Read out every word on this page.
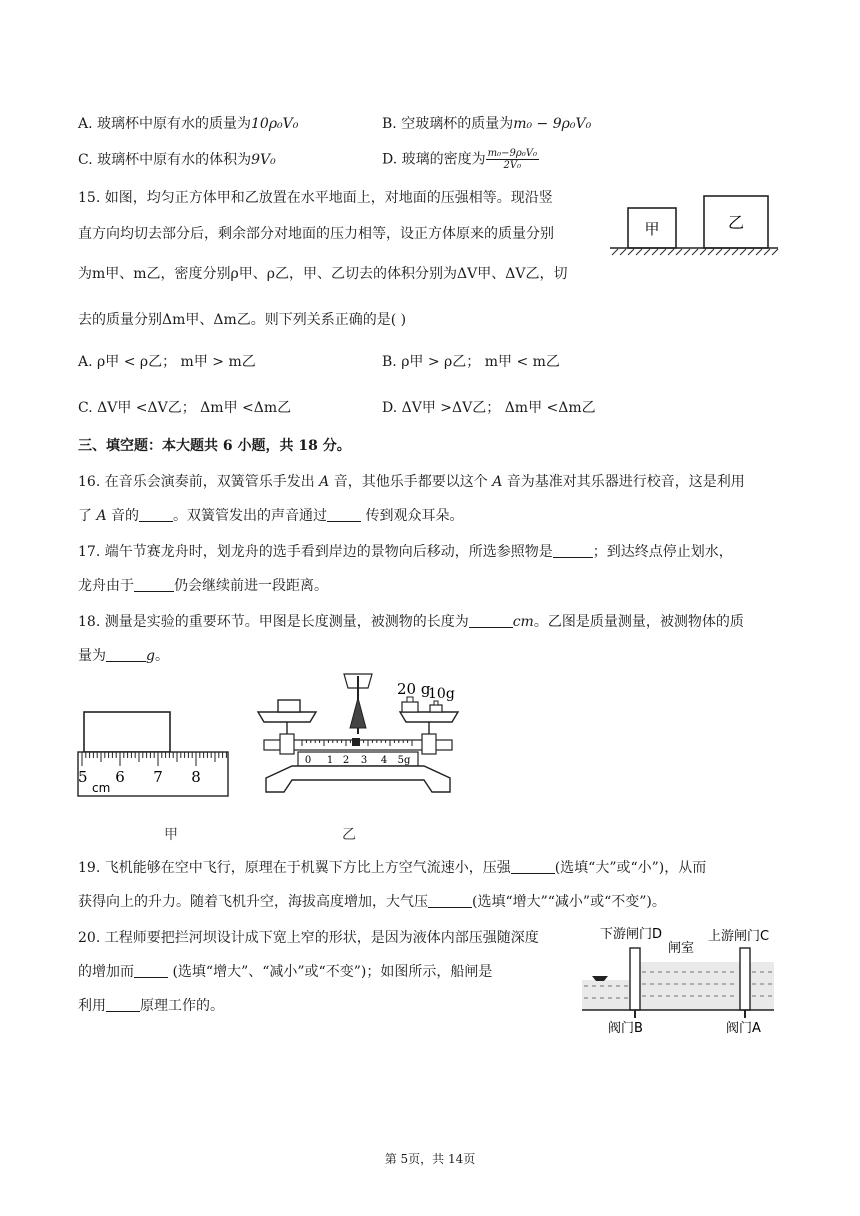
A. 玻璃杯中原有水的质量为10ρ₀V₀	B. 空玻璃杯的质量为m₀ − 9ρ₀V₀
C. 玻璃杯中原有水的体积为9V₀	D. 玻璃的密度为 $\frac{\text{m₀−9ρ₀V₀}}{\text{2V₀}}$
15. 如图，均匀正方体甲和乙放置在水平地面上，对地面的压强相等。现沿竖
直方向均切去部分后，剩余部分对地面的压力相等，设正方体原来的质量分别
为m甲、m乙，密度分别ρ甲、ρ乙，甲、乙切去的体积分别为ΔV甲、ΔV乙，切
去的质量分别Δm甲、Δm乙。则下列关系正确的是( )
甲	乙
A. ρ甲 < ρ乙； m甲 > m乙	B. ρ甲 > ρ乙； m甲 < m乙
C. ΔV甲 <ΔV乙； Δm甲 <Δm乙	D. ΔV甲 >ΔV乙； Δm甲 <Δm乙
三、填空题：本大题共 6 小题，共 18 分。
16. 在音乐会演奏前，双簧管乐手发出 A 音，其他乐手都要以这个 A 音为基准对其乐器进行校音，这是利用
了 A 音的 。双簧管发出的声音通过 传到观众耳朵。
17. 端午节赛龙舟时，划龙舟的选手看到岸边的景物向后移动，所选参照物是	；到达终点停止划水，
龙舟由于	仍会继续前进一段距离。
18. 测量是实验的重要环节。甲图是长度测量，被测物的长度为	cm。乙图是质量测量，被测物体的质
量为	g。
5 6 7 8
cm
20 g
10g
0 1 2 3 4 5g
甲	乙
19. 飞机能够在空中飞行，原理在于机翼下方比上方空气流速小，压强	(选填“大”或“小”)，从而
获得向上的升力。随着飞机升空，海拔高度增加，大气压	(选填“增大”“减小”或“不变”)。
20. 工程师要把拦河坝设计成下宽上窄的形状，是因为液体内部压强随深度
的增加而 (选填“增大”、“减小”或“不变”)；如图所示，船闸是
利用 原理工作的。
下游闸门D
闸室
上游闸门C
阀门B	阀门A
第 5页，共 14页
